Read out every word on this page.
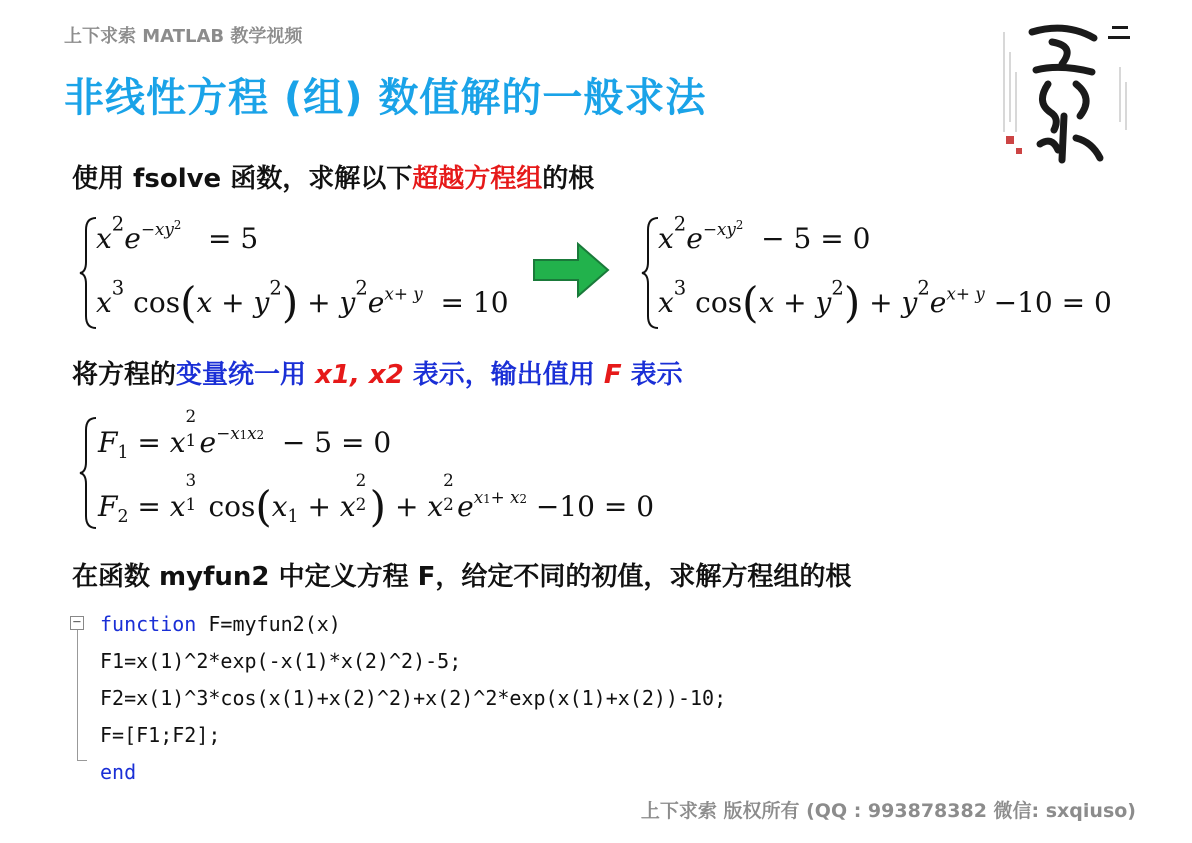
上下求索 MATLAB 教学视频
非线性方程 (组) 数值解的一般求法
使用 fsolve 函数，求解以下超越方程组的根
$x^2e^{-xy^2} = 5$
$x^3$ $\cos(x + y^2) + y^2e^{x+ y} = 10$
$x^2e^{-xy^2} - 5 = 0$
$x^3$ $\cos(x + y^2) + y^2e^{x+ y} -10 = 0$
将方程的变量统一用 x1, x2 表示，输出值用 F 表示
$F_1 = x$
2
1 $e^{-x1x2} - 5 = 0$
$F_2 = x$
3
1 $\cos(x_1 + x$
2
2 ) + x
2
2 $e^{x1+ x2} -10 = 0$
在函数 myfun2 中定义方程 F，给定不同的初值，求解方程组的根
− function F=myfun2(x)
F1=x(1)^2*exp(-x(1)*x(2)^2)-5;
F2=x(1)^3*cos(x(1)+x(2)^2)+x(2)^2*exp(x(1)+x(2))-10;
F=[F1;F2];
end
上下求索 版权所有 (QQ : 993878382 微信: sxqiuso)
